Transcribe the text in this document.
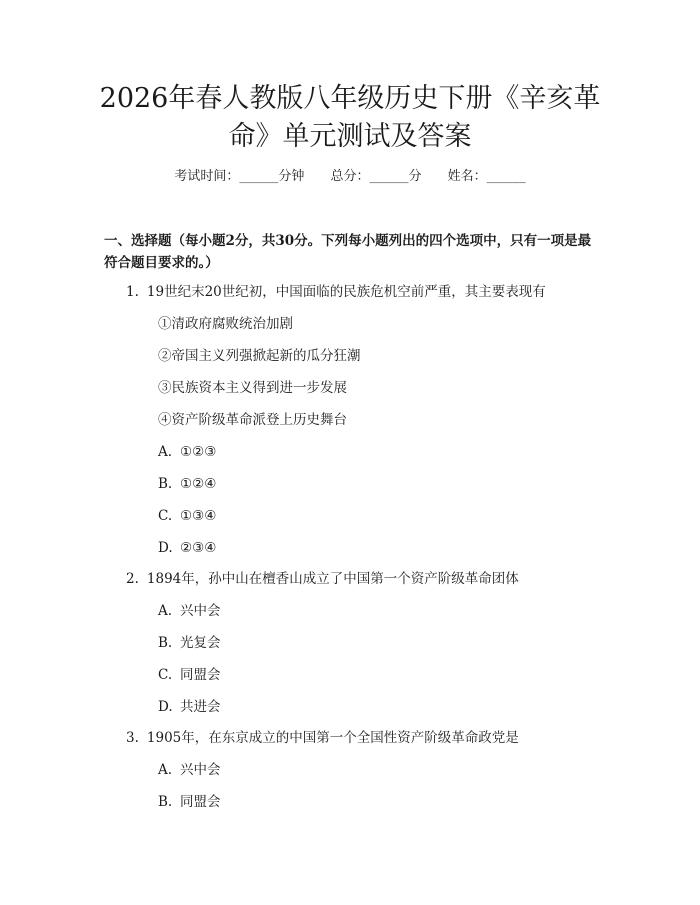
2026年春人教版八年级历史下册《辛亥革命》单元测试及答案
考试时间：______分钟 总分：______分 姓名：______
一、选择题（每小题2分，共30分。下列每小题列出的四个选项中，只有一项是最符合题目要求的。）
1. 19世纪末20世纪初，中国面临的民族危机空前严重，其主要表现有
①清政府腐败统治加剧
②帝国主义列强掀起新的瓜分狂潮
③民族资本主义得到进一步发展
④资产阶级革命派登上历史舞台
A. ①②③
B. ①②④
C. ①③④
D. ②③④
2. 1894年，孙中山在檀香山成立了中国第一个资产阶级革命团体
A. 兴中会
B. 光复会
C. 同盟会
D. 共进会
3. 1905年，在东京成立的中国第一个全国性资产阶级革命政党是
A. 兴中会
B. 同盟会
